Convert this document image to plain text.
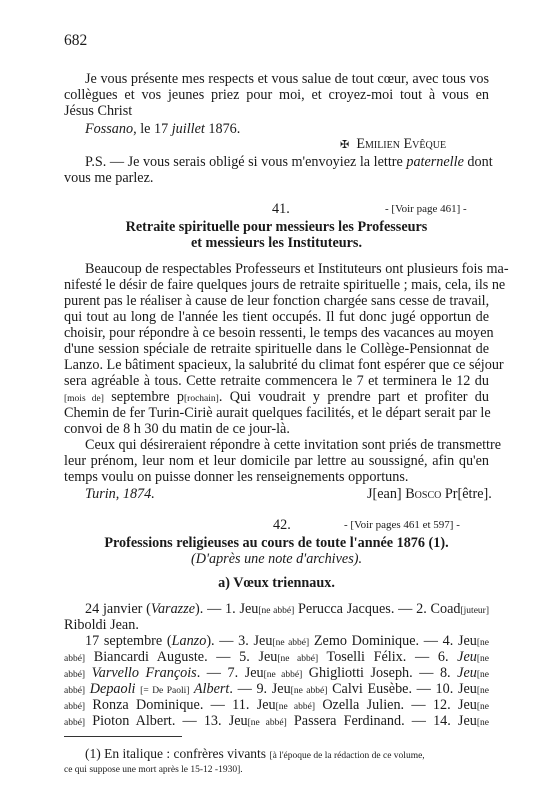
682
Je vous présente mes respects et vous salue de tout cœur, avec tous vos
collègues et vos jeunes priez pour moi, et croyez-moi tout à vous en
Jésus Christ
Fossano, le 17 juillet 1876.
✠ Emilien Evêque
P.S. — Je vous serais obligé si vous m'envoyiez la lettre paternelle dont
vous me parlez.
41.	- [Voir page 461] -
Retraite spirituelle pour messieurs les Professeurs
et messieurs les Instituteurs.
Beaucoup de respectables Professeurs et Instituteurs ont plusieurs fois ma-
nifesté le désir de faire quelques jours de retraite spirituelle ; mais, cela, ils ne
purent pas le réaliser à cause de leur fonction chargée sans cesse de travail,
qui tout au long de l'année les tient occupés. Il fut donc jugé opportun de
choisir, pour répondre à ce besoin ressenti, le temps des vacances au moyen
d'une session spéciale de retraite spirituelle dans le Collège-Pensionnat de
Lanzo. Le bâtiment spacieux, la salubrité du climat font espérer que ce séjour
sera agréable à tous. Cette retraite commencera le 7 et terminera le 12 du
[mois de] septembre p[rochain]. Qui voudrait y prendre part et profiter du
Chemin de fer Turin-Ciriè aurait quelques facilités, et le départ serait par le
convoi de 8 h 30 du matin de ce jour-là.
Ceux qui désireraient répondre à cette invitation sont priés de transmettre
leur prénom, leur nom et leur domicile par lettre au soussigné, afin qu'en
temps voulu on puisse donner les renseignements opportuns.
Turin, 1874.	J[ean] Bosco Pr[être].
42.	- [Voir pages 461 et 597] -
Professions religieuses au cours de toute l'année 1876 (1).
(D'après une note d'archives).
a) Vœux triennaux.
24 janvier (Varazze). — 1. Jeu[ne abbé] Perucca Jacques. — 2. Coad[juteur]
Riboldi Jean.
17 septembre (Lanzo). — 3. Jeu[ne abbé] Zemo Dominique. — 4. Jeu[ne
abbé] Biancardi Auguste. — 5. Jeu[ne abbé] Toselli Félix. — 6. Jeu[ne
abbé] Varvello François. — 7. Jeu[ne abbé] Ghigliotti Joseph. — 8. Jeu[ne
abbé] Depaoli [= De Paoli] Albert. — 9. Jeu[ne abbé] Calvi Eusèbe. — 10. Jeu[ne
abbé] Ronza Dominique. — 11. Jeu[ne abbé] Ozella Julien. — 12. Jeu[ne
abbé] Pioton Albert. — 13. Jeu[ne abbé] Passera Ferdinand. — 14. Jeu[ne
(1) En italique : confrères vivants [à l'époque de la rédaction de ce volume,
ce qui suppose une mort après le 15-12 -1930].
